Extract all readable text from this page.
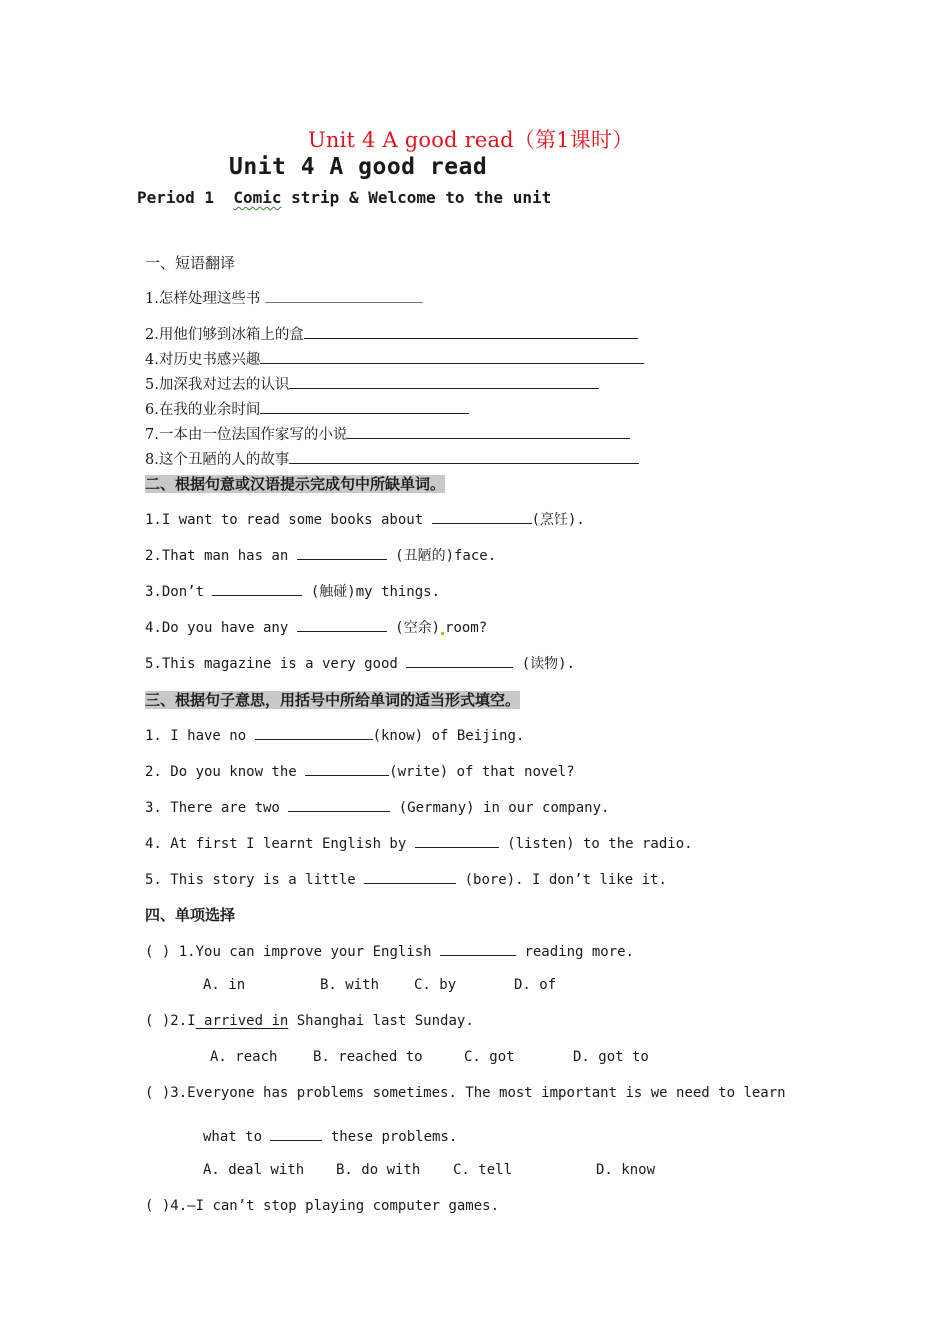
Unit 4 A good read（第1课时）
Unit 4 A good read
Period 1 Comic strip & Welcome to the unit
一、短语翻译
1.怎样处理这些书
2.用他们够到冰箱上的盒
4.对历史书感兴趣
5.加深我对过去的认识
6.在我的业余时间
7.一本由一位法国作家写的小说
8.这个丑陋的人的故事
二、根据句意或汉语提示完成句中所缺单词。
1.I want to read some books about	(烹饪).
2.That man has an	(丑陋的)face.
3.Don’t	(触碰)my things.
4.Do you have any	(空余) room?
5.This magazine is a very good	(读物).
三、根据句子意思，用括号中所给单词的适当形式填空。
1. I have no	(know) of Beijing.
2. Do you know the	(write) of that novel?
3. There are two	(Germany) in our company.
4. At first I learnt English by	(listen) to the radio.
5. This story is a little	(bore). I don’t like it.
四、单项选择
( ) 1.You can improve your English	reading more.
A. in	B. with C. by	D. of
( )2.I arrived in Shanghai last Sunday.
A. reach	B. reached to	C. got	D. got to
( )3.Everyone has problems sometimes. The most important is we need to learn
what to	these problems.
A. deal with B. do with C. tell	D. know
( )4.—I can’t stop playing computer games.
